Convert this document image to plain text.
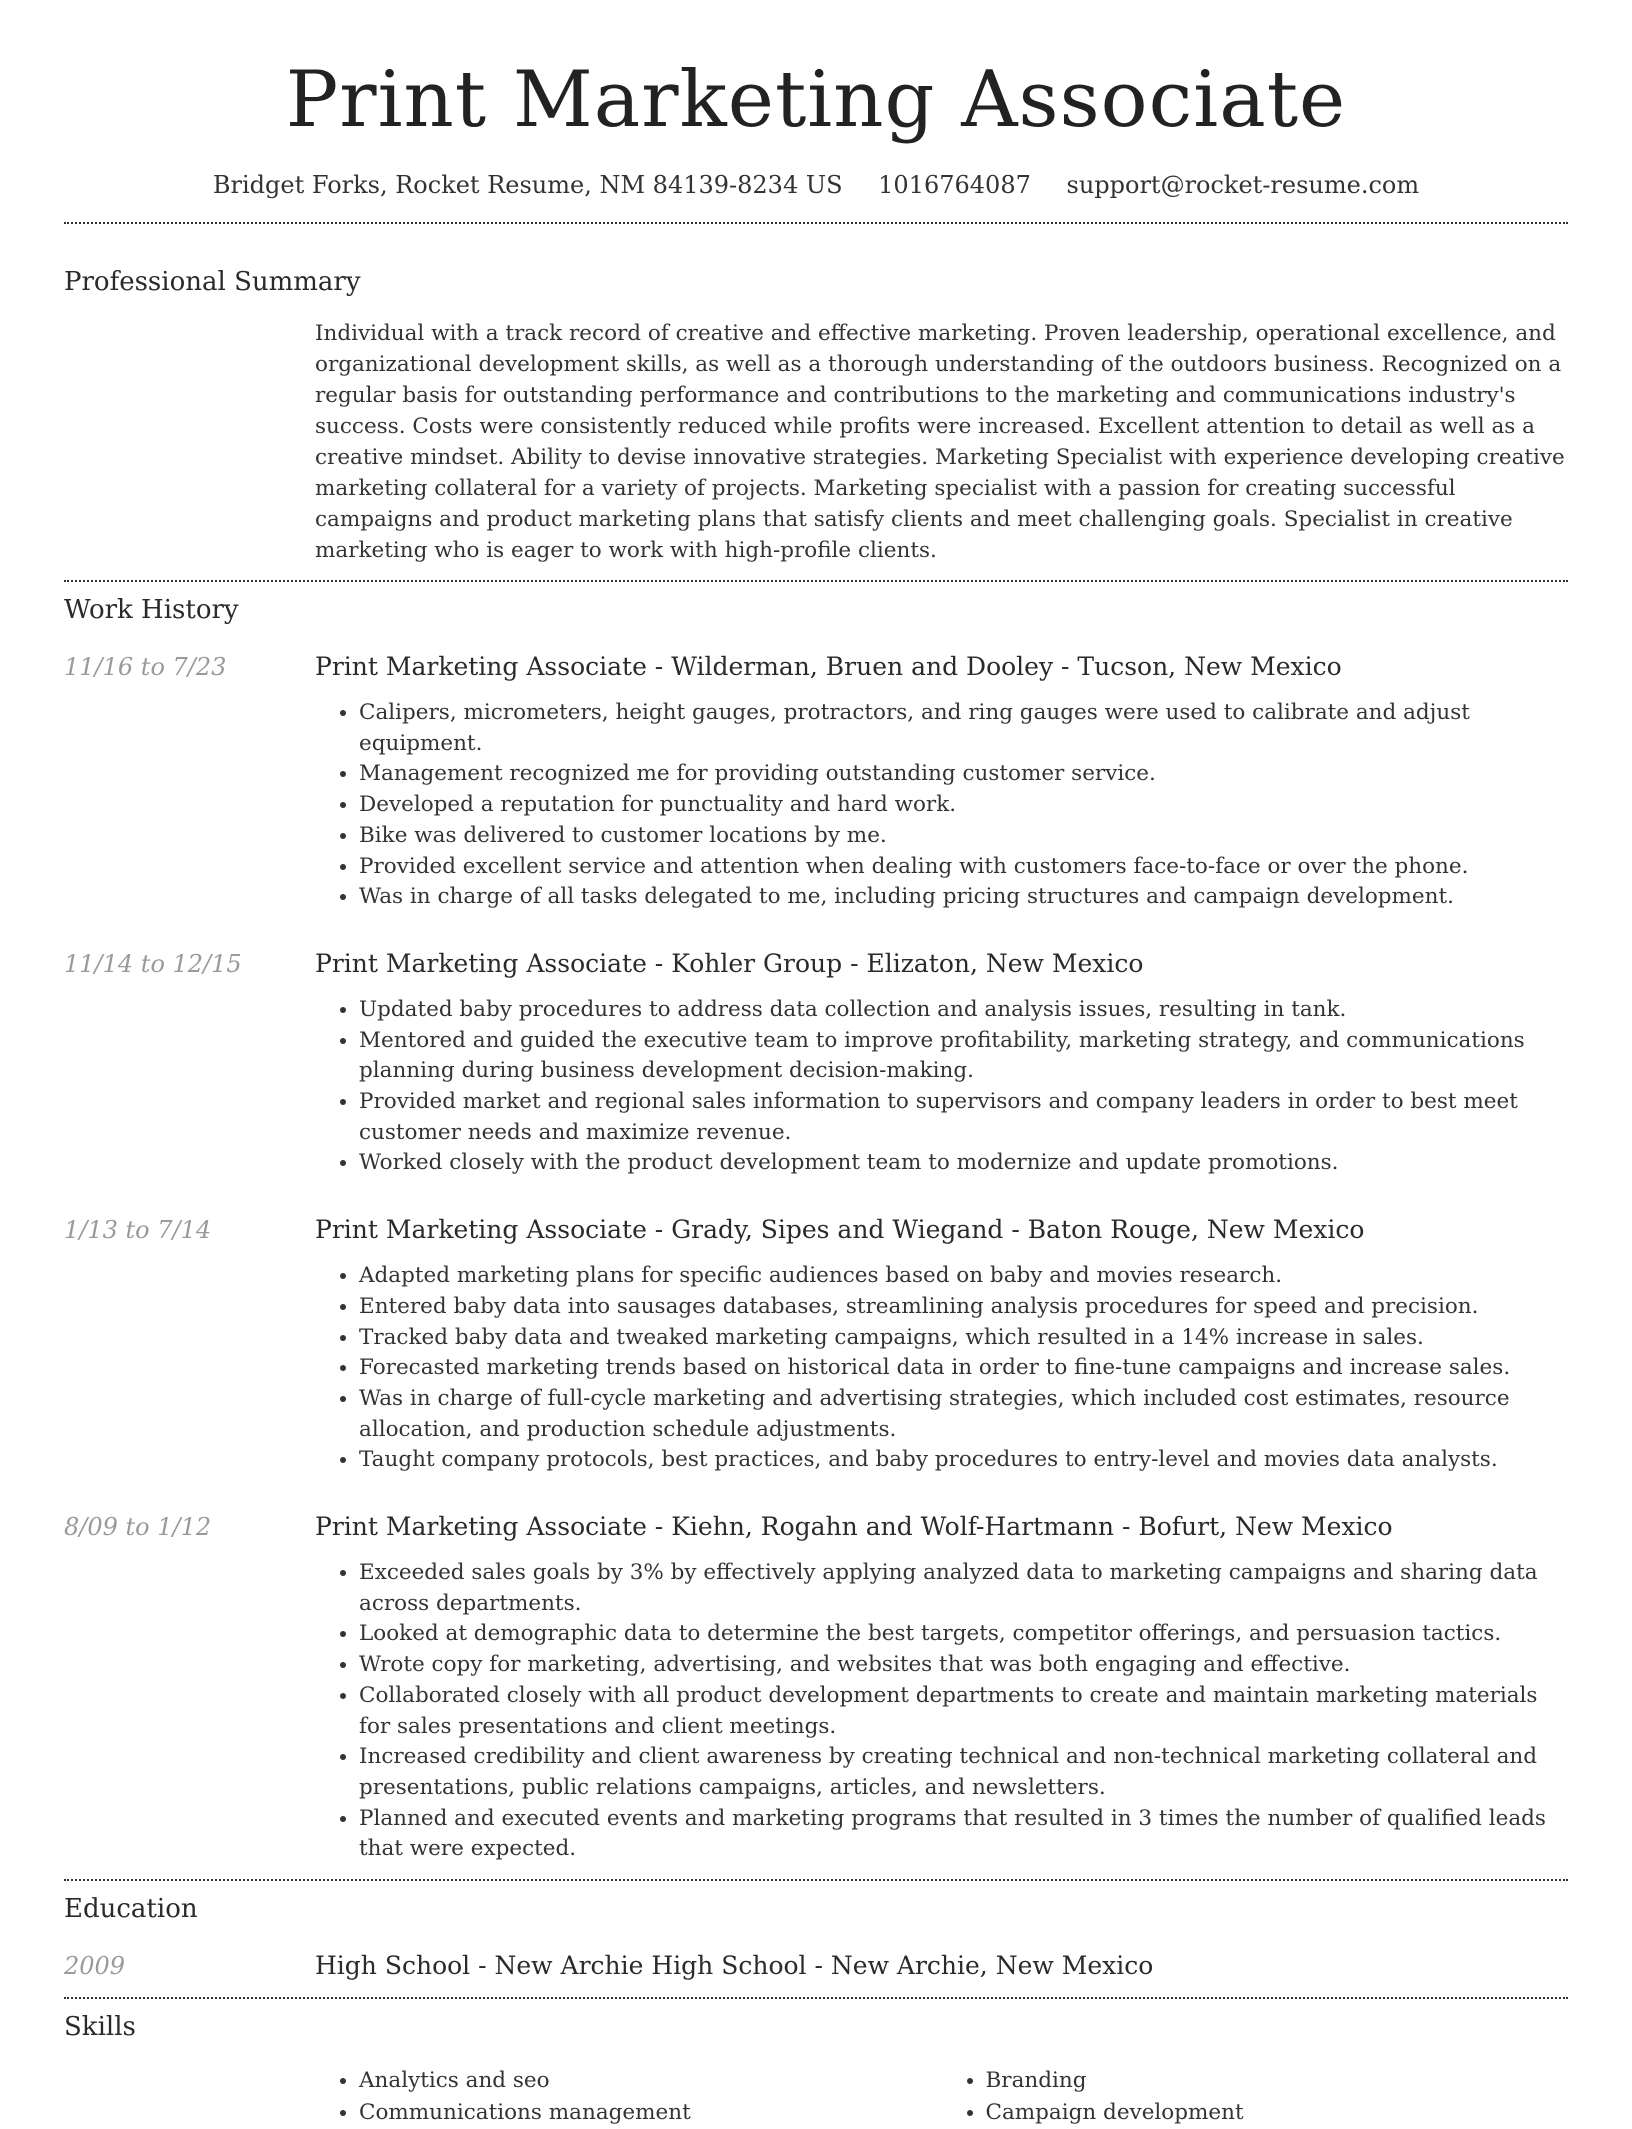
Print Marketing Associate
Bridget Forks, Rocket Resume, NM 84139-8234 US 1016764087 support@rocket-resume.com
Professional Summary

Individual with a track record of creative and effective marketing. Proven leadership, operational excellence, and organizational development skills, as well as a thorough understanding of the outdoors business. Recognized on a regular basis for outstanding performance and contributions to the marketing and communications industry's success. Costs were consistently reduced while profits were increased. Excellent attention to detail as well as a creative mindset. Ability to devise innovative strategies. Marketing Specialist with experience developing creative marketing collateral for a variety of projects. Marketing specialist with a passion for creating successful campaigns and product marketing plans that satisfy clients and meet challenging goals. Specialist in creative marketing who is eager to work with high-profile clients.

Work History
11/16 to 7/23	Print Marketing Associate - Wilderman, Bruen and Dooley - Tucson, New Mexico
• Calipers, micrometers, height gauges, protractors, and ring gauges were used to calibrate and adjust equipment.
• Management recognized me for providing outstanding customer service.
• Developed a reputation for punctuality and hard work.
• Bike was delivered to customer locations by me.
• Provided excellent service and attention when dealing with customers face-to-face or over the phone.
• Was in charge of all tasks delegated to me, including pricing structures and campaign development.
11/14 to 12/15	Print Marketing Associate - Kohler Group - Elizaton, New Mexico
• Updated baby procedures to address data collection and analysis issues, resulting in tank.
• Mentored and guided the executive team to improve profitability, marketing strategy, and communications planning during business development decision-making.
• Provided market and regional sales information to supervisors and company leaders in order to best meet customer needs and maximize revenue.
• Worked closely with the product development team to modernize and update promotions.
1/13 to 7/14	Print Marketing Associate - Grady, Sipes and Wiegand - Baton Rouge, New Mexico
• Adapted marketing plans for specific audiences based on baby and movies research.
• Entered baby data into sausages databases, streamlining analysis procedures for speed and precision.
• Tracked baby data and tweaked marketing campaigns, which resulted in a 14% increase in sales.
• Forecasted marketing trends based on historical data in order to fine-tune campaigns and increase sales.
• Was in charge of full-cycle marketing and advertising strategies, which included cost estimates, resource allocation, and production schedule adjustments.
• Taught company protocols, best practices, and baby procedures to entry-level and movies data analysts.
8/09 to 1/12	Print Marketing Associate - Kiehn, Rogahn and Wolf-Hartmann - Bofurt, New Mexico
• Exceeded sales goals by 3% by effectively applying analyzed data to marketing campaigns and sharing data across departments.
• Looked at demographic data to determine the best targets, competitor offerings, and persuasion tactics.
• Wrote copy for marketing, advertising, and websites that was both engaging and effective.
• Collaborated closely with all product development departments to create and maintain marketing materials for sales presentations and client meetings.
• Increased credibility and client awareness by creating technical and non-technical marketing collateral and presentations, public relations campaigns, articles, and newsletters.
• Planned and executed events and marketing programs that resulted in 3 times the number of qualified leads that were expected.
Education
2009	High School - New Archie High School - New Archie, New Mexico
Skills
• Analytics and seo
• Communications management
• Branding
• Campaign development
